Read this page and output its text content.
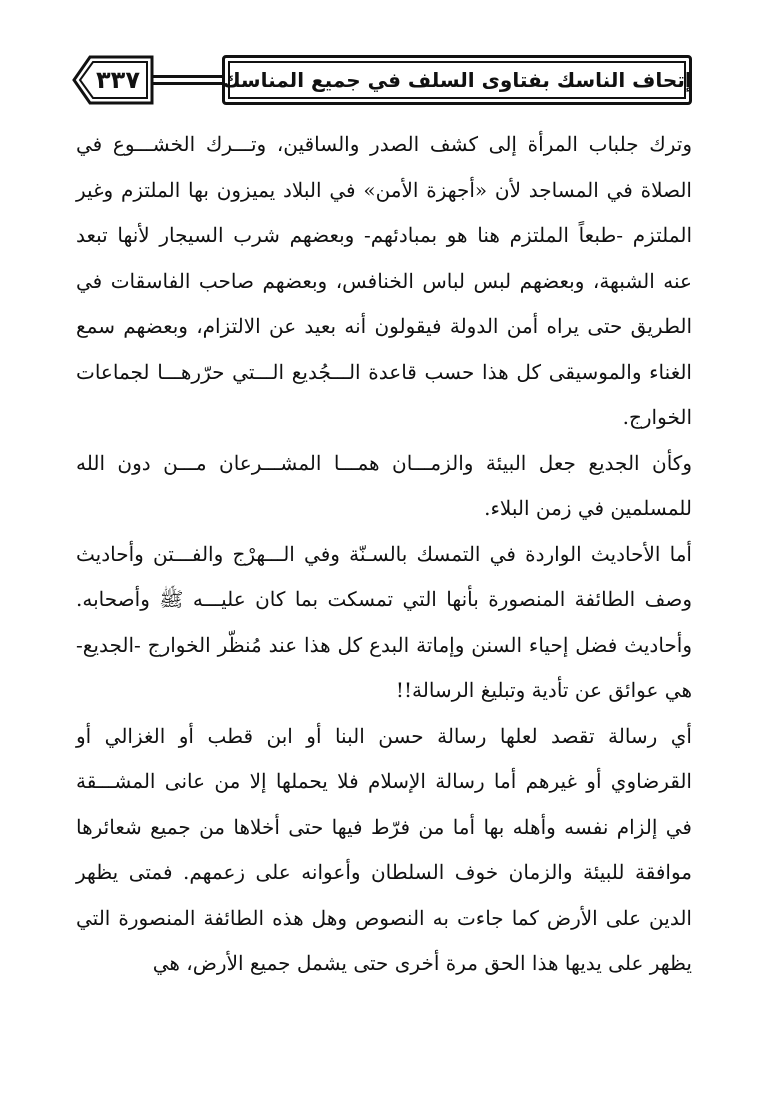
٣٣٧	إتحاف الناسك بفتاوى السلف في جميع المناسك

وترك جلباب المرأة إلى كشف الصدر والساقين، وتـــرك الخشـــوع في الصلاة في المساجد لأن «أجهزة الأمن» في البلاد يميزون بها الملتزم وغير الملتزم -طبعاً الملتزم هنا هو بمبادئهم- وبعضهم شرب السيجار لأنها تبعد عنه الشبهة، وبعضهم لبس لباس الخنافس، وبعضهم صاحب الفاسقات في الطريق حتى يراه أمن الدولة فيقولون أنه بعيد عن الالتزام، وبعضهم سمع الغناء والموسيقى كل هذا حسب قاعدة الـــجُديع الـــتي حرّرهـــا لجماعات الخوارج.

وكأن الجديع جعل البيئة والزمـــان همـــا المشـــرعان مـــن دون الله للمسلمين في زمن البلاء.

أما الأحاديث الواردة في التمسك بالسـنّة وفي الـــهرْج والفـــتن وأحاديث وصف الطائفة المنصورة بأنها التي تمسكت بما كان عليـــه ﷺ وأصحابه. وأحاديث فضل إحياء السنن وإماتة البدع كل هذا عند مُنظّر الخوارج -الجديع- هي عوائق عن تأدية وتبليغ الرسالة!!

أي رسالة تقصد لعلها رسالة حسن البنا أو ابن قطب أو الغزالي أو القرضاوي أو غيرهم أما رسالة الإسلام فلا يحملها إلا من عانى المشـــقة في إلزام نفسه وأهله بها أما من فرّط فيها حتى أخلاها من جميع شعائرها موافقة للبيئة والزمان خوف السلطان وأعوانه على زعمهم. فمتى يظهر الدين على الأرض كما جاءت به النصوص وهل هذه الطائفة المنصورة التي يظهر على يديها هذا الحق مرة أخرى حتى يشمل جميع الأرض، هي
